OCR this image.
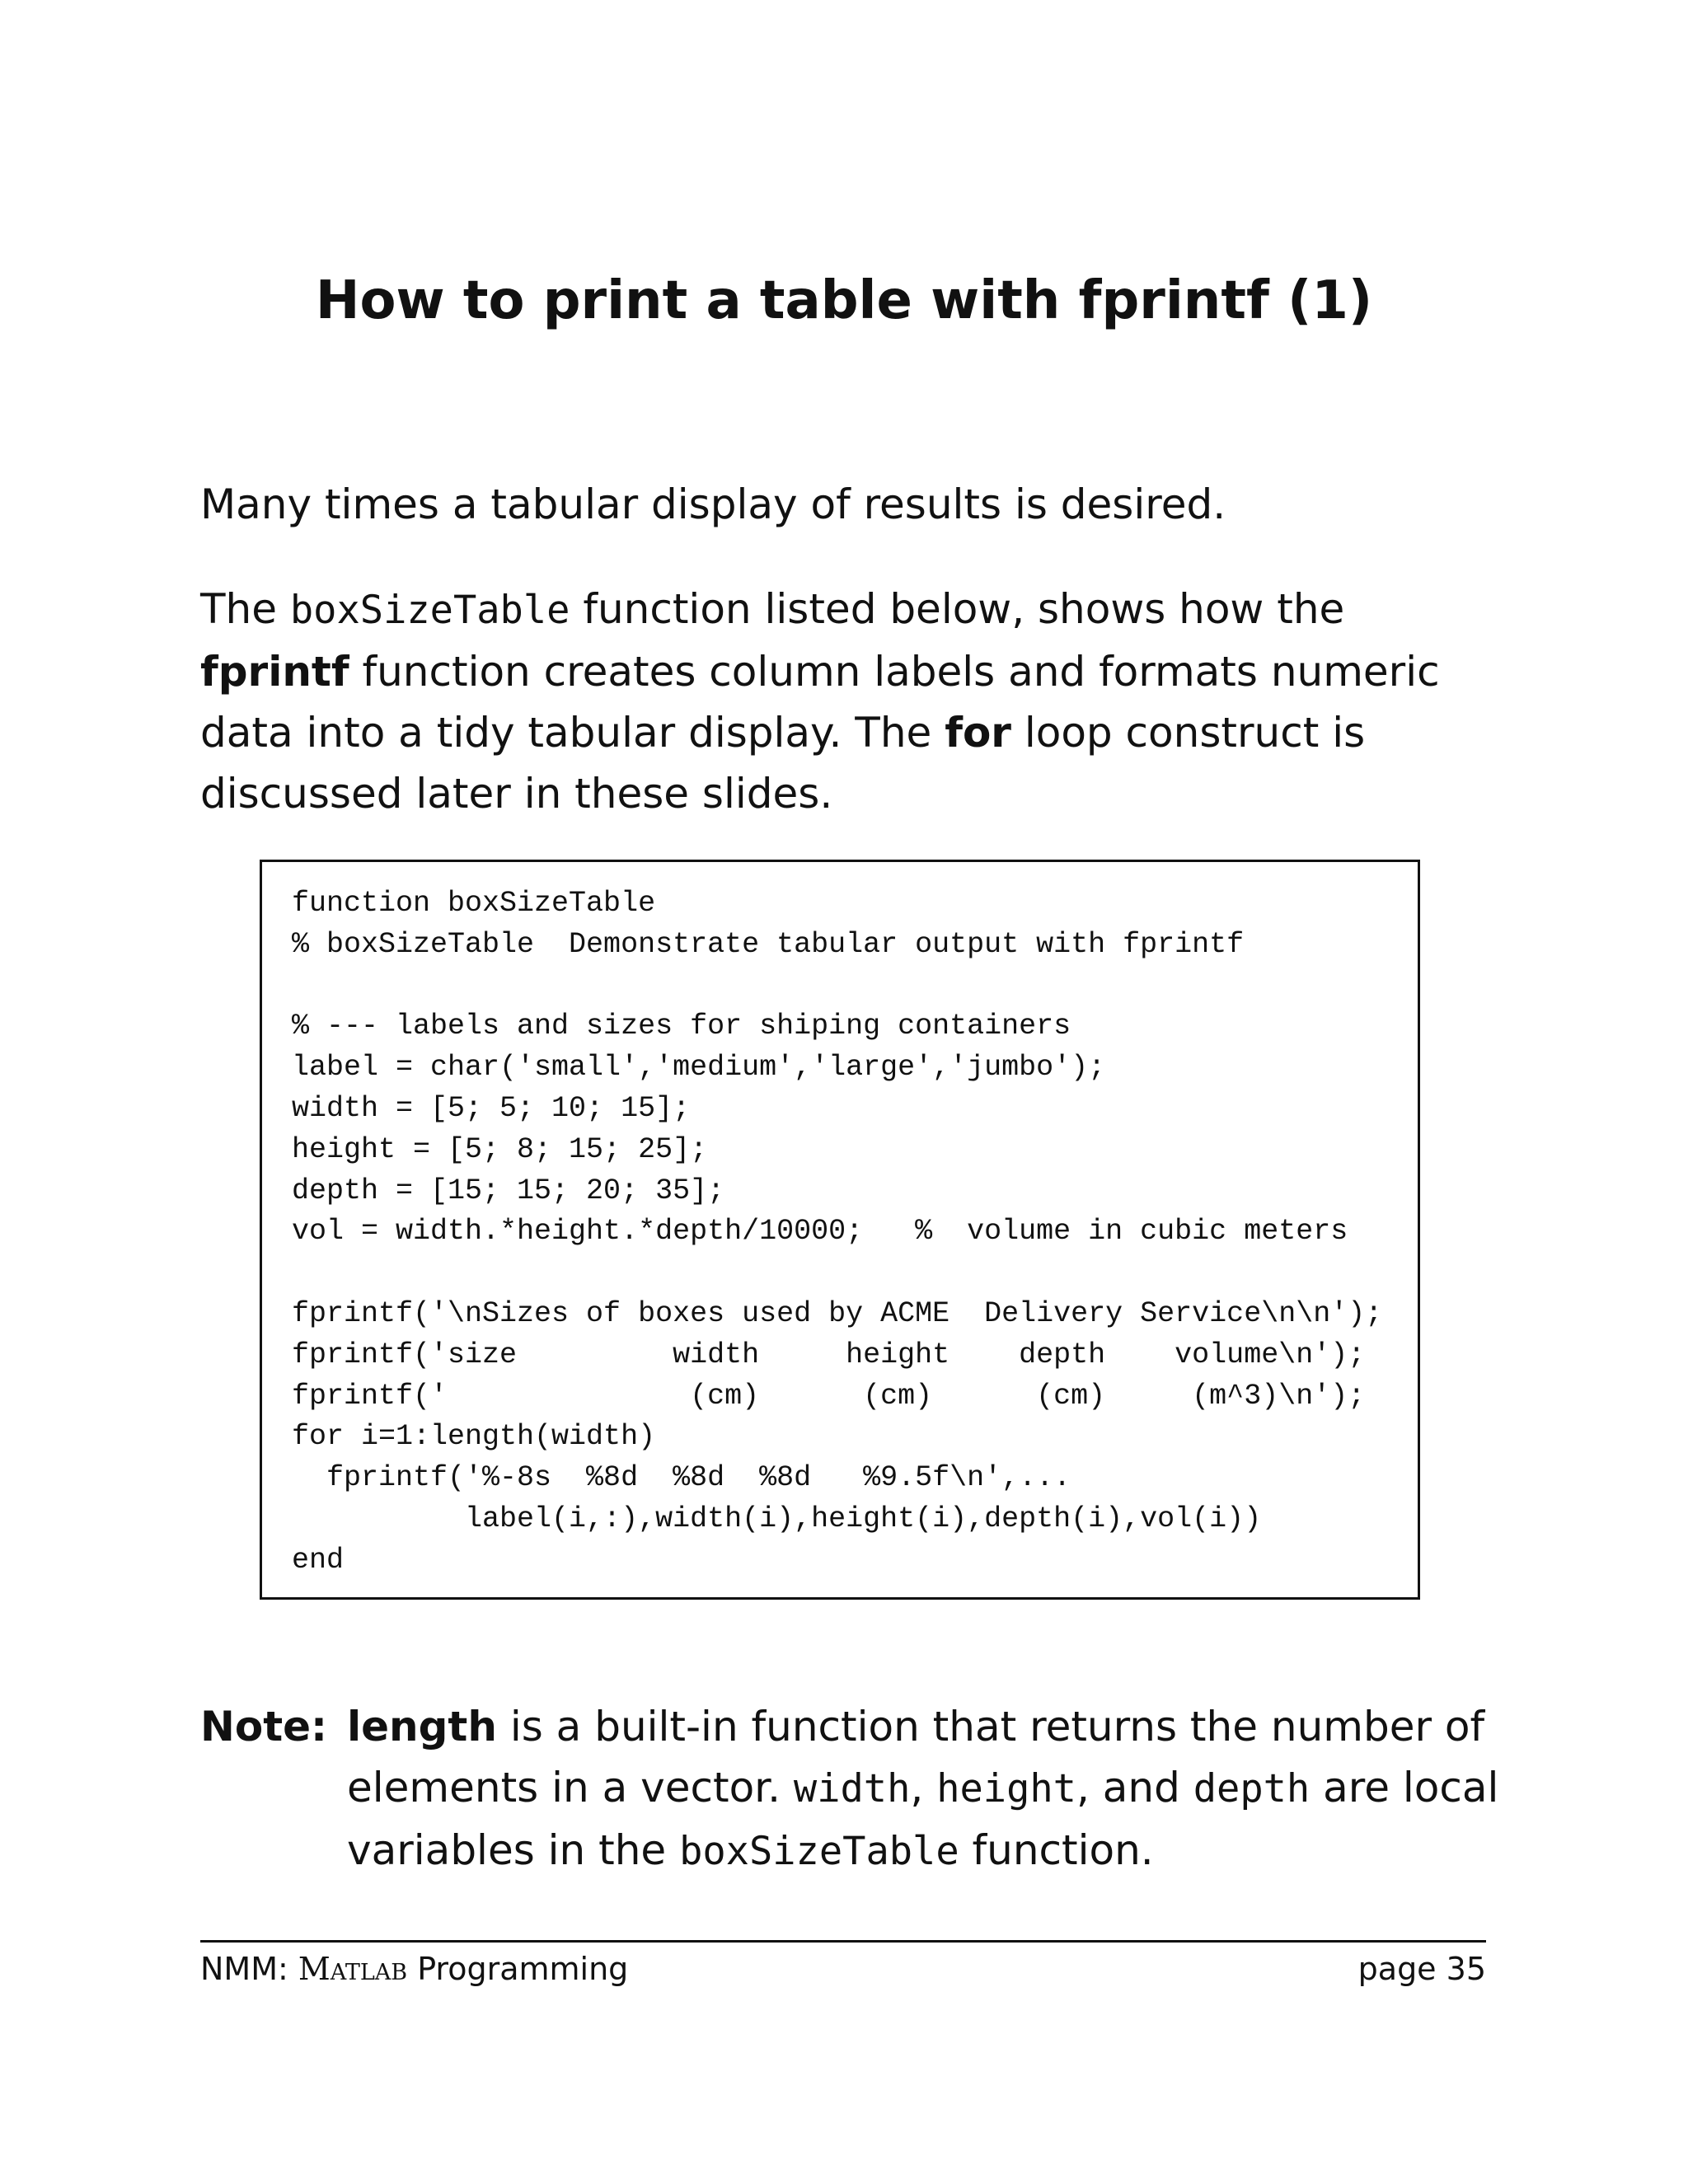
How to print a table with fprintf (1)

Many times a tabular display of results is desired.

The boxSizeTable function listed below, shows how the fprintf function creates column labels and formats numeric data into a tidy tabular display. The for loop construct is discussed later in these slides.

function boxSizeTable
% boxSizeTable  Demonstrate tabular output with fprintf

% --- labels and sizes for shiping containers
label = char('small','medium','large','jumbo');
width = [5; 5; 10; 15];
height = [5; 8; 15; 25];
depth = [15; 15; 20; 35];
vol = width.*height.*depth/10000;   %  volume in cubic meters

fprintf('\nSizes of boxes used by ACME  Delivery Service\n\n');
fprintf('size         width     height    depth    volume\n');
fprintf('              (cm)      (cm)      (cm)     (m^3)\n');
for i=1:length(width)
fprintf('%-8s  %8d  %8d  %8d   %9.5f\n',...
label(i,:),width(i),height(i),depth(i),vol(i))
end
Note: length is a built-in function that returns the number of elements in a vector. width, height, and depth are local variables in the boxSizeTable function.
NMM: Matlab Programming	page 35
